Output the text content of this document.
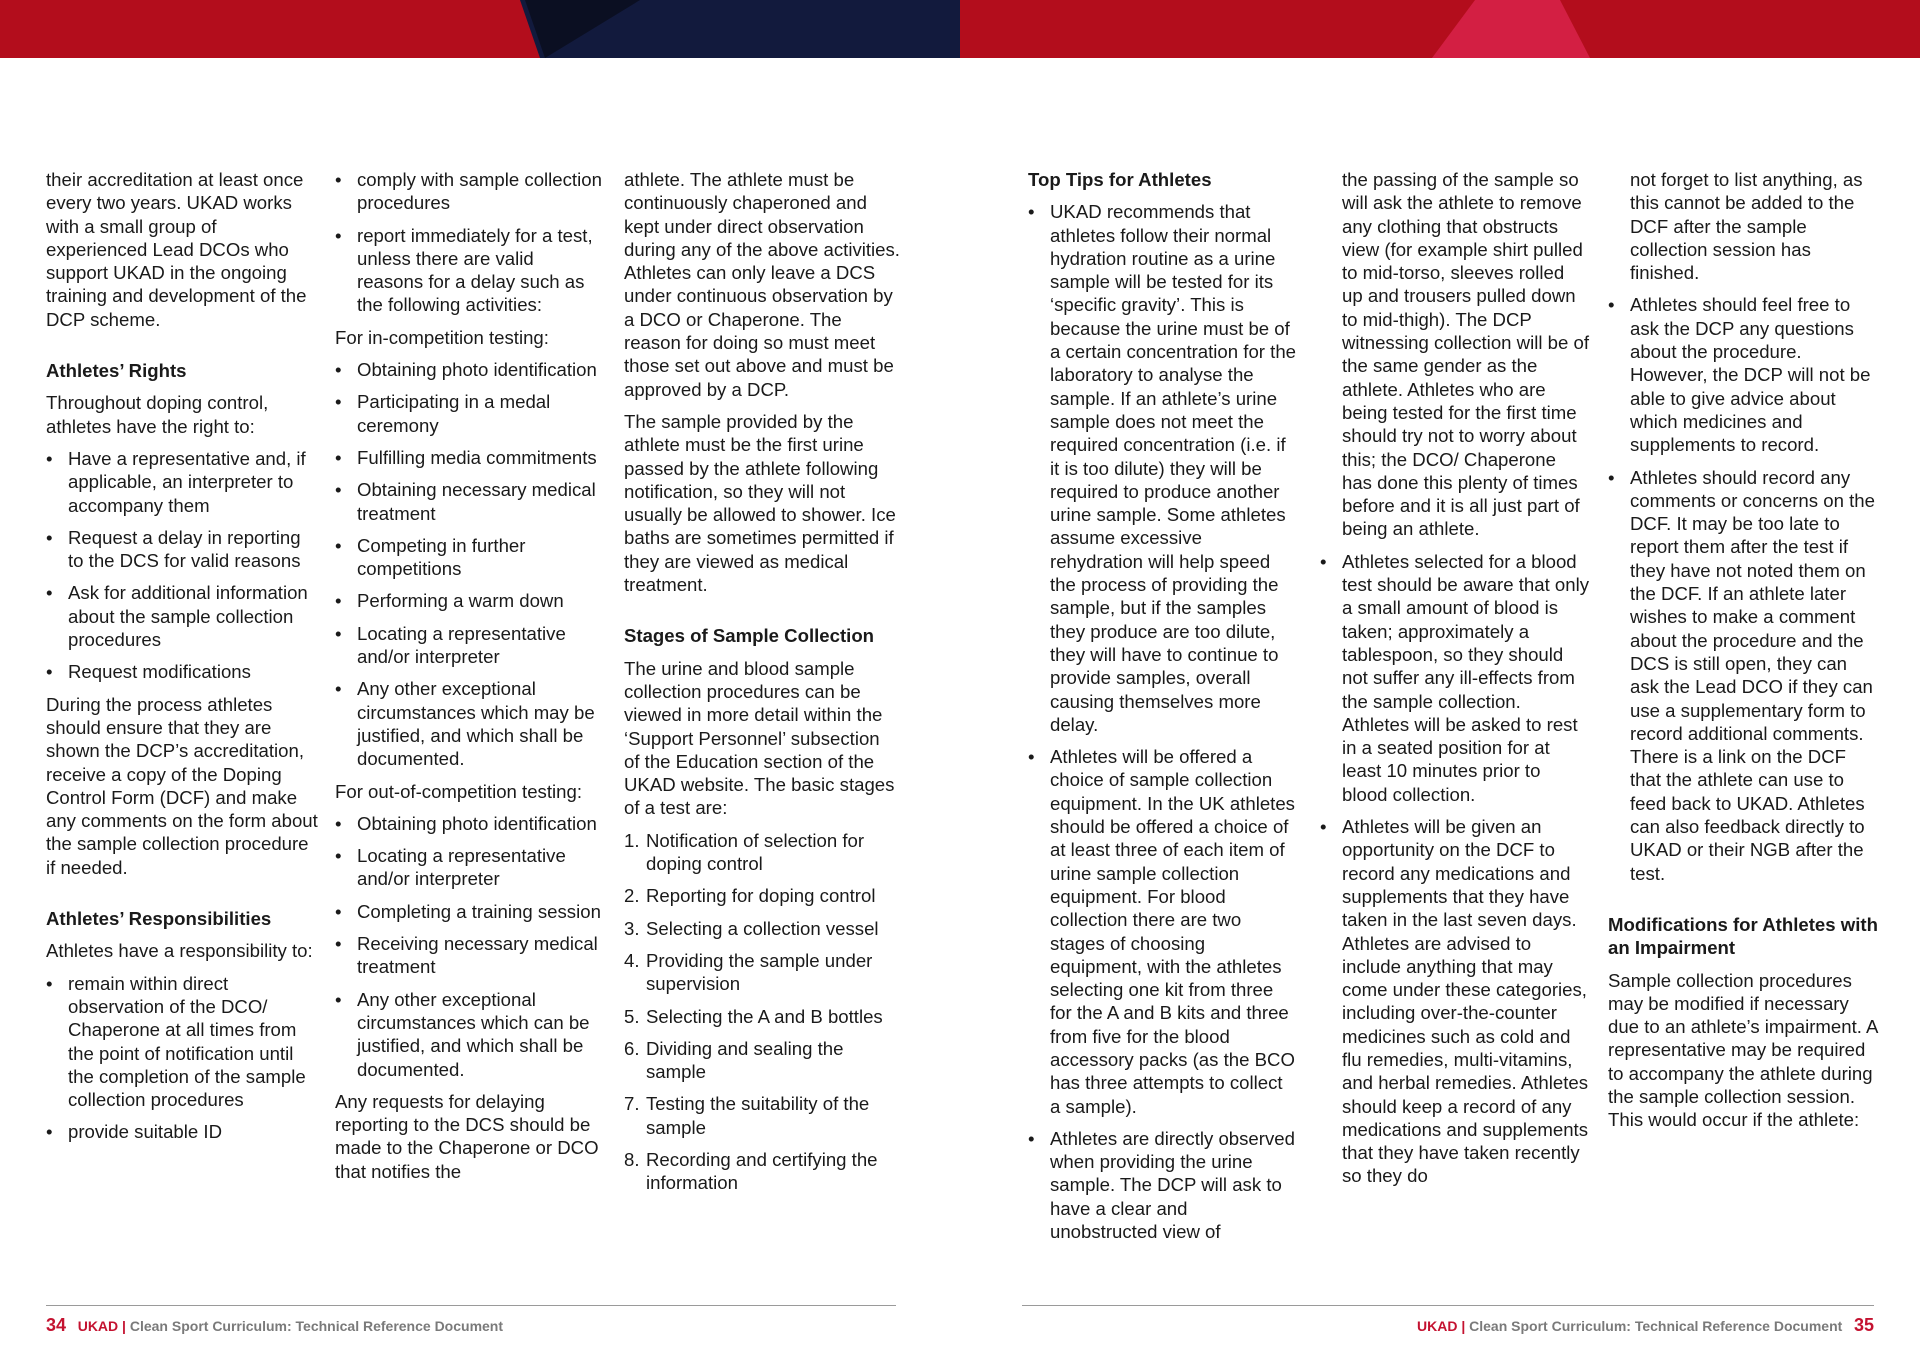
their accreditation at least once every two years. UKAD works with a small group of experienced Lead DCOs who support UKAD in the ongoing training and development of the DCP scheme.

Athletes’ Rights

Throughout doping control, athletes have the right to:

• Have a representative and, if applicable, an interpreter to accompany them
• Request a delay in reporting to the DCS for valid reasons
• Ask for additional information about the sample collection procedures
• Request modifications

During the process athletes should ensure that they are shown the DCP’s accreditation, receive a copy of the Doping Control Form (DCF) and make any comments on the form about the sample collection procedure if needed.

Athletes’ Responsibilities

Athletes have a responsibility to:

• remain within direct observation of the DCO/ Chaperone at all times from the point of notification until the completion of the sample collection procedures
• provide suitable ID
• comply with sample collection procedures
• report immediately for a test, unless there are valid reasons for a delay such as the following activities:

For in-competition testing:

• Obtaining photo identification
• Participating in a medal ceremony
• Fulfilling media commitments
• Obtaining necessary medical treatment
• Competing in further competitions
• Performing a warm down
• Locating a representative and/or interpreter
• Any other exceptional circumstances which may be justified, and which shall be documented.

For out-of-competition testing:

• Obtaining photo identification
• Locating a representative and/or interpreter
• Completing a training session
• Receiving necessary medical treatment
• Any other exceptional circumstances which can be justified, and which shall be documented.

Any requests for delaying reporting to the DCS should be made to the Chaperone or DCO that notifies the

athlete. The athlete must be continuously chaperoned and kept under direct observation during any of the above activities. Athletes can only leave a DCS under continuous observation by a DCO or Chaperone. The reason for doing so must meet those set out above and must be approved by a DCP.

The sample provided by the athlete must be the first urine passed by the athlete following notification, so they will not usually be allowed to shower. Ice baths are sometimes permitted if they are viewed as medical treatment.

Stages of Sample Collection

The urine and blood sample collection procedures can be viewed in more detail within the ‘Support Personnel’ subsection of the Education section of the UKAD website. The basic stages of a test are:

1. Notification of selection for doping control
2. Reporting for doping control
3. Selecting a collection vessel
4. Providing the sample under supervision
5. Selecting the A and B bottles
6. Dividing and sealing the sample
7. Testing the suitability of the sample
8. Recording and certifying the information
34 UKAD | Clean Sport Curriculum: Technical Reference Document
Top Tips for Athletes
• UKAD recommends that athletes follow their normal hydration routine as a urine sample will be tested for its ‘specific gravity’. This is because the urine must be of a certain concentration for the laboratory to analyse the sample. If an athlete’s urine sample does not meet the required concentration (i.e. if it is too dilute) they will be required to produce another urine sample. Some athletes assume excessive rehydration will help speed the process of providing the sample, but if the samples they produce are too dilute, they will have to continue to provide samples, overall causing themselves more delay.
• Athletes will be offered a choice of sample collection equipment. In the UK athletes should be offered a choice of at least three of each item of urine sample collection equipment. For blood collection there are two stages of choosing equipment, with the athletes selecting one kit from three for the A and B kits and three from five for the blood accessory packs (as the BCO has three attempts to collect a sample).
• Athletes are directly observed when providing the urine sample. The DCP will ask to have a clear and unobstructed view of

the passing of the sample so will ask the athlete to remove any clothing that obstructs view (for example shirt pulled to mid-torso, sleeves rolled up and trousers pulled down to mid-thigh). The DCP witnessing collection will be of the same gender as the athlete. Athletes who are being tested for the first time should try not to worry about this; the DCO/ Chaperone has done this plenty of times before and it is all just part of being an athlete.

• Athletes selected for a blood test should be aware that only a small amount of blood is taken; approximately a tablespoon, so they should not suffer any ill-effects from the sample collection. Athletes will be asked to rest in a seated position for at least 10 minutes prior to blood collection.
• Athletes will be given an opportunity on the DCF to record any medications and supplements that they have taken in the last seven days. Athletes are advised to include anything that may come under these categories, including over-the-counter medicines such as cold and flu remedies, multi-vitamins, and herbal remedies. Athletes should keep a record of any medications and supplements that they have taken recently so they do

not forget to list anything, as this cannot be added to the DCF after the sample collection session has finished.

• Athletes should feel free to ask the DCP any questions about the procedure. However, the DCP will not be able to give advice about which medicines and supplements to record.
• Athletes should record any comments or concerns on the DCF. It may be too late to report them after the test if they have not noted them on the DCF. If an athlete later wishes to make a comment about the procedure and the DCS is still open, they can ask the Lead DCO if they can use a supplementary form to record additional comments. There is a link on the DCF that the athlete can use to feed back to UKAD. Athletes can also feedback directly to UKAD or their NGB after the test.
Modifications for Athletes with an Impairment

Sample collection procedures may be modified if necessary due to an athlete’s impairment. A representative may be required to accompany the athlete during the sample collection session. This would occur if the athlete:

UKAD | Clean Sport Curriculum: Technical Reference Document 35
